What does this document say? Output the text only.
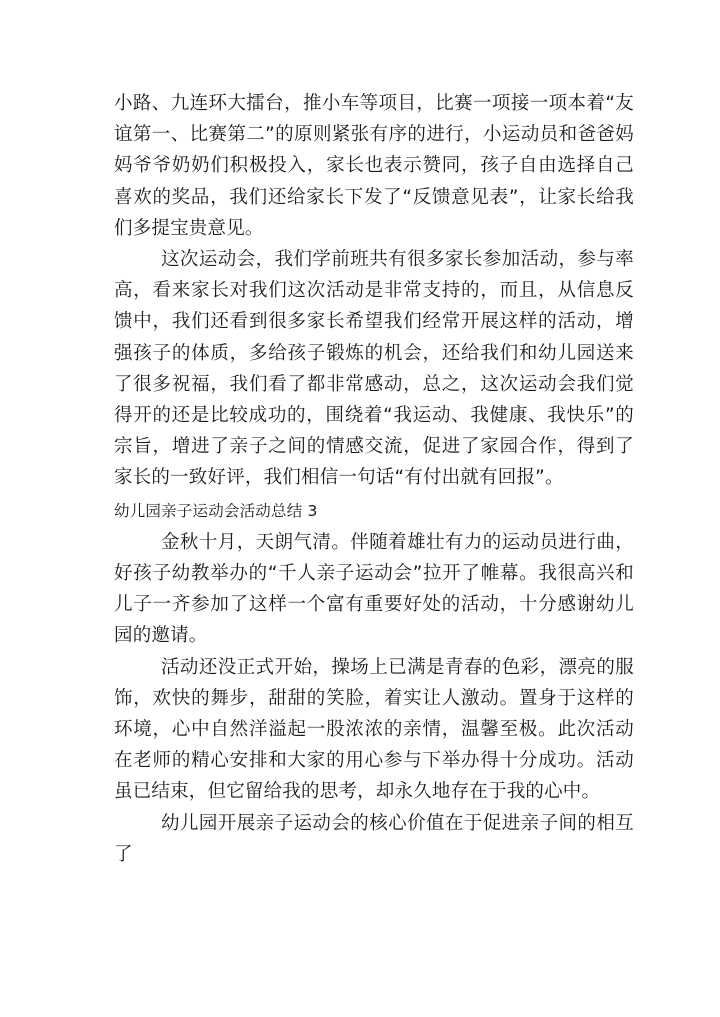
小路、九连环大擂台，推小车等项目，比赛一项接一项本着“友谊第一、比赛第二”的原则紧张有序的进行，小运动员和爸爸妈妈爷爷奶奶们积极投入，家长也表示赞同，孩子自由选择自己喜欢的奖品，我们还给家长下发了“反馈意见表”，让家长给我们多提宝贵意见。

这次运动会，我们学前班共有很多家长参加活动，参与率高，看来家长对我们这次活动是非常支持的，而且，从信息反馈中，我们还看到很多家长希望我们经常开展这样的活动，增强孩子的体质，多给孩子锻炼的机会，还给我们和幼儿园送来了很多祝福，我们看了都非常感动，总之，这次运动会我们觉得开的还是比较成功的，围绕着“我运动、我健康、我快乐”的宗旨，增进了亲子之间的情感交流，促进了家园合作，得到了家长的一致好评，我们相信一句话“有付出就有回报”。

幼儿园亲子运动会活动总结 3

金秋十月，天朗气清。伴随着雄壮有力的运动员进行曲，好孩子幼教举办的“千人亲子运动会”拉开了帷幕。我很高兴和儿子一齐参加了这样一个富有重要好处的活动，十分感谢幼儿园的邀请。

活动还没正式开始，操场上已满是青春的色彩，漂亮的服饰，欢快的舞步，甜甜的笑脸，着实让人激动。置身于这样的环境，心中自然洋溢起一股浓浓的亲情，温馨至极。此次活动在老师的精心安排和大家的用心参与下举办得十分成功。活动虽已结束，但它留给我的思考，却永久地存在于我的心中。

幼儿园开展亲子运动会的核心价值在于促进亲子间的相互了
